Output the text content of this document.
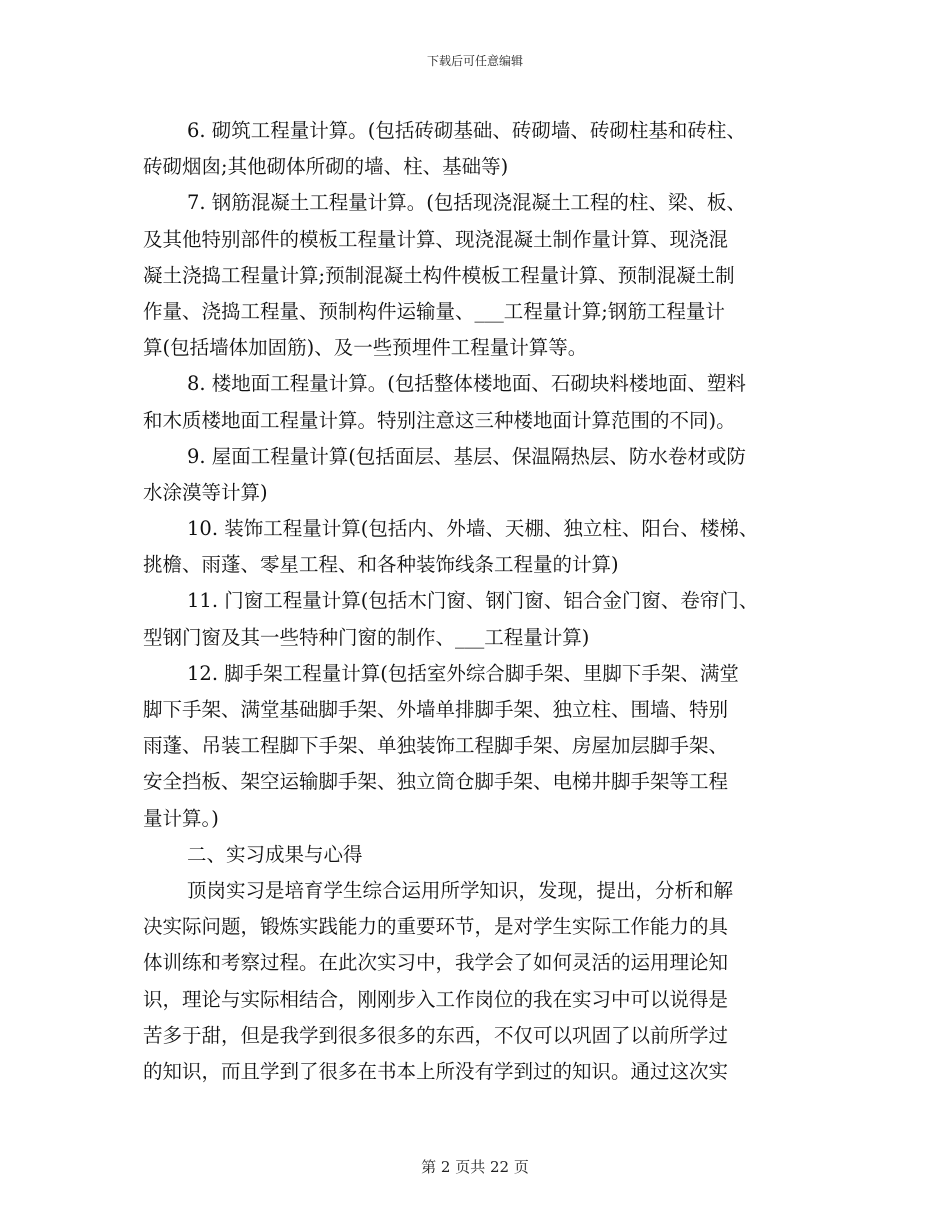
下载后可任意编辑
6. 砌筑工程量计算。(包括砖砌基础、砖砌墙、砖砌柱基和砖柱、
砖砌烟囱;其他砌体所砌的墙、柱、基础等)
7. 钢筋混凝土工程量计算。(包括现浇混凝土工程的柱、梁、板、
及其他特别部件的模板工程量计算、现浇混凝土制作量计算、现浇混
凝土浇捣工程量计算;预制混凝土构件模板工程量计算、预制混凝土制
作量、浇捣工程量、预制构件运输量、___工程量计算;钢筋工程量计
算(包括墙体加固筋)、及一些预埋件工程量计算等。
8. 楼地面工程量计算。(包括整体楼地面、石砌块料楼地面、塑料
和木质楼地面工程量计算。特别注意这三种楼地面计算范围的不同)。
9. 屋面工程量计算(包括面层、基层、保温隔热层、防水卷材或防
水涂漠等计算)
10. 装饰工程量计算(包括内、外墙、天棚、独立柱、阳台、楼梯、
挑檐、雨蓬、零星工程、和各种装饰线条工程量的计算)
11. 门窗工程量计算(包括木门窗、钢门窗、铝合金门窗、卷帘门、
型钢门窗及其一些特种门窗的制作、___工程量计算)
12. 脚手架工程量计算(包括室外综合脚手架、里脚下手架、满堂
脚下手架、满堂基础脚手架、外墙单排脚手架、独立柱、围墙、特别
雨蓬、吊装工程脚下手架、单独装饰工程脚手架、房屋加层脚手架、
安全挡板、架空运输脚手架、独立筒仓脚手架、电梯井脚手架等工程
量计算。)
二、实习成果与心得
顶岗实习是培育学生综合运用所学知识，发现，提出，分析和解
决实际问题，锻炼实践能力的重要环节，是对学生实际工作能力的具
体训练和考察过程。在此次实习中，我学会了如何灵活的运用理论知
识，理论与实际相结合，刚刚步入工作岗位的我在实习中可以说得是
苦多于甜，但是我学到很多很多的东西，不仅可以巩固了以前所学过
的知识，而且学到了很多在书本上所没有学到过的知识。通过这次实
第 2 页共 22 页
